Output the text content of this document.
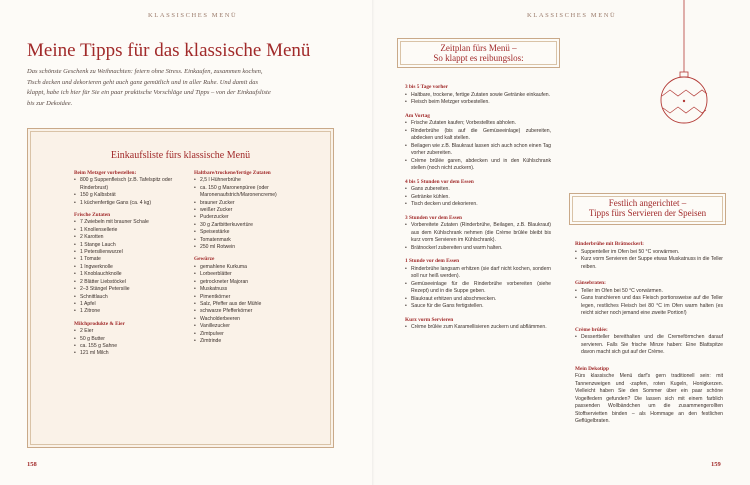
KLASSISCHES MENÜ
Meine Tipps für das klassische Menü

Das schönste Geschenk zu Weihnachten: feiern ohne Stress. Einkaufen, zusammen kochen, Tisch decken und dekorieren geht auch ganz gemütlich und in aller Ruhe. Und damit das klappt, habe ich hier für Sie ein paar praktische Vorschläge und Tipps – von der Einkaufsliste bis zur Dekoidee.

Einkaufsliste fürs klassische Menü
Beim Metzger vorbestellen:
• 800 g Suppenfleisch (z.B. Tafelspitz oder Rinderbrust)
• 150 g Kalbsbrät
• 1 küchenfertige Gans (ca. 4 kg)
Frische Zutaten
• 7 Zwiebeln mit brauner Schale
• 1 Knollensellerie
• 2 Karotten
• 1 Stange Lauch
• 1 Petersilienwurzel
• 1 Tomate
• 1 Ingwerknolle
• 1 Knoblauchknolle
• 2 Blätter Liebstöckel
• 2–3 Stängel Petersilie
• Schnittlauch
• 1 Apfel
• 1 Zitrone
Milchprodukte & Eier
• 2 Eier
• 50 g Butter
• ca. 155 g Sahne
• 121 ml Milch
Haltbare/trockene/fertige Zutaten
• 2,5 l Hühnerbrühe
• ca. 150 g Maronenpüree (oder Maronenaufstrich/Maronencreme)
• brauner Zucker
• weißer Zucker
• Puderzucker
• 30 g Zartbitterkuvertüre
• Speisestärke
• Tomatenmark
• 250 ml Rotwein
Gewürze
• gemahlene Kurkuma
• Lorbeerblätter
• getrockneter Majoran
• Muskatnuss
• Pimentkörner
• Salz, Pfeffer aus der Mühle
• schwarze Pfefferkörner
• Wacholderbeeren
• Vanillezucker
• Zimtpulver
• Zimtrinde
158
KLASSISCHES MENÜ
159
Zeitplan fürs Menü –
So klappt es reibungslos:
3 bis 5 Tage vorher
• Haltbare, trockene, fertige Zutaten sowie Getränke einkaufen.
• Fleisch beim Metzger vorbestellen.
Am Vortag
• Frische Zutaten kaufen; Vorbestelltes abholen.
• Rinderbrühe (bis auf die Gemüseeinlage) zubereiten, abdecken und kalt stellen.
• Beilagen wie z.B. Blaukraut lassen sich auch schon einen Tag vorher zubereiten.
• Crème brûlée garen, abdecken und in den Kühlschrank stellen (noch nicht zuckern).
4 bis 5 Stunden vor dem Essen
• Gans zubereiten.
• Getränke kühlen.
• Tisch decken und dekorieren.
3 Stunden vor dem Essen
• Vorbereitete Zutaten (Rinderbrühe, Beilagen, z.B. Blaukraut) aus dem Kühlschrank nehmen (die Crème brûlée bleibt bis kurz vorm Servieren im Kühlschrank).
• Brätnockerl zubereiten und warm halten.
1 Stunde vor dem Essen
• Rinderbrühe langsam erhitzen (sie darf nicht kochen, sondern soll nur heiß werden).
• Gemüseeinlage für die Rinderbrühe vorbereiten (siehe Rezept) und in die Suppe geben.
• Blaukraut erhitzen und abschmecken.
• Sauce für die Gans fertigstellen.
Kurz vorm Servieren
• Crème brûlée zum Karamellisieren zuckern und abflämmen.
Festlich angerichtet –
Tipps fürs Servieren der Speisen
Rinderbrühe mit Brätnockerl:
• Suppenteller im Ofen bei 50 °C vorwärmen.
• Kurz vorm Servieren der Suppe etwas Muskatnuss in die Teller reiben.
Gänsebraten:
• Teller im Ofen bei 50 °C vorwärmen.
• Gans tranchieren und das Fleisch portionsweise auf die Teller legen, restliches Fleisch bei 80 °C im Ofen warm halten (es reicht sicher noch jemand eine zweite Portion!)
Crème brûlée:
• Dessertteller bereithalten und die Cremeförmchen darauf servieren. Falls Sie frische Minze haben: Eine Blattspitze davon macht sich gut auf der Crème.
Mein Dekotipp

Fürs klassische Menü darf's gern traditionell sein: mit Tannenzweigen und -zapfen, roten Kugeln, Honigkerzen. Vielleicht haben Sie den Sommer über ein paar schöne Vogelfedern gefunden? Die lassen sich mit einem farblich passenden Wollbändchen um die zusammengerollten Stoffservietten binden – als Hommage an den festlichen Geflügelbraten.
